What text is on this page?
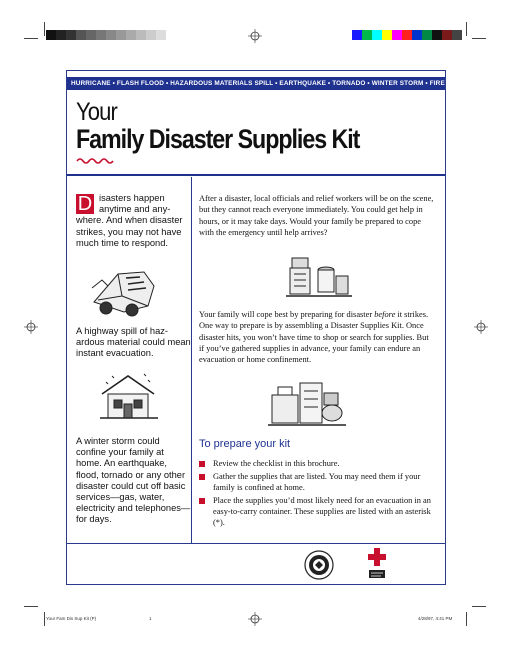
HURRICANE • FLASH FLOOD • HAZARDOUS MATERIALS SPILL • EARTHQUAKE • TORNADO • WINTER STORM • FIRE
Your
Family Disaster Supplies Kit
D isasters happen anytime and any-where. And when disaster strikes, you may not have much time to respond.
A highway spill of haz-ardous material could mean instant evacuation.
A winter storm could confine your family at home. An earthquake, flood, tornado or any other disaster could cut off basic services—gas, water, electricity and telephones—for days.
After a disaster, local officials and relief workers will be on the scene, but they cannot reach everyone immediately. You could get help in hours, or it may take days. Would your family be prepared to cope with the emergency until help arrives?
Your family will cope best by preparing for disaster before it strikes. One way to prepare is by assembling a Disaster Supplies Kit. Once disaster hits, you won’t have time to shop or search for supplies. But if you’ve gathered supplies in advance, your family can endure an evacuation or home confinement.
To prepare your kit
Review the checklist in this brochure.
Gather the supplies that are listed. You may need them if your family is confined at home.
Place the supplies you’d most likely need for an evacuation in an easy-to-carry container. These supplies are listed with an asterisk (*).
Your Fam Dis Sup Kit (P)	1	4/28/97, 4:41 PM
